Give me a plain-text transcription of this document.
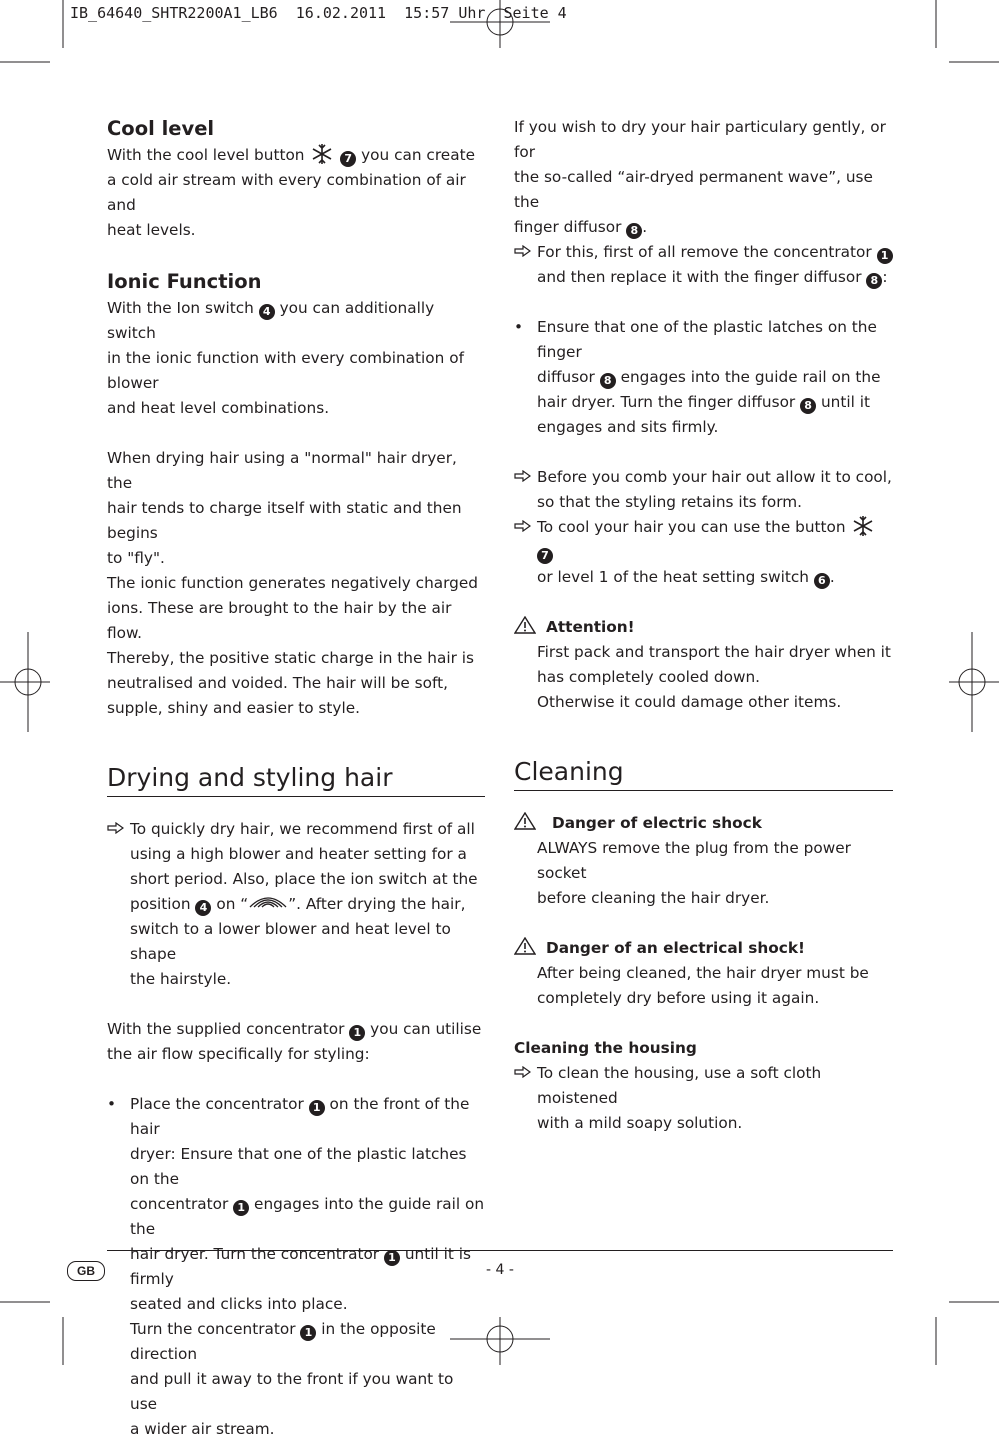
IB_64640_SHTR2200A1_LB6  16.02.2011  15:57 Uhr  Seite 4
Cool level

With the cool level button	7 you can create
a cold air stream with every combination of air and
heat levels.

Ionic Function

With the Ion switch 4 you can additionally switch
in the ionic function with every combination of blower
and heat level combinations.

When drying hair using a "normal" hair dryer, the
hair tends to charge itself with static and then begins
to "fly".

The ionic function generates negatively charged
ions. These are brought to the hair by the air flow.
Thereby, the positive static charge in the hair is
neutralised and voided. The hair will be soft,
supple, shiny and easier to style.

Drying and styling hair
To quickly dry hair, we recommend first of all
using a high blower and heater setting for a
short period. Also, place the ion switch at the
position 4 on “	”. After drying the hair,
switch to a lower blower and heat level to shape
the hairstyle.

With the supplied concentrator 1 you can utilise
the air flow specifically for styling:

• Place the concentrator 1 on the front of the hair
dryer: Ensure that one of the plastic latches on the
concentrator 1 engages into the guide rail on the
hair dryer. Turn the concentrator 1 until it is firmly
seated and clicks into place.
Turn the concentrator 1 in the opposite direction
and pull it away to the front if you want to use
a wider air stream.

If you wish to dry your hair particulary gently, or for
the so-called “air-dryed permanent wave”, use the
finger diffusor 8 .

For this, first of all remove the concentrator 1
and then replace it with the finger diffusor 8 :
• Ensure that one of the plastic latches on the finger
diffusor 8 engages into the guide rail on the
hair dryer. Turn the finger diffusor 8 until it
engages and sits firmly.
Before you comb your hair out allow it to cool,
so that the styling retains its form.
To cool your hair you can use the button  7
or level 1 of the heat setting switch 6 .
Attention!

First pack and transport the hair dryer when it
has completely cooled down.
Otherwise it could damage other items.

Cleaning
Danger of electric shock

ALWAYS remove the plug from the power socket
before cleaning the hair dryer.

Danger of an electrical shock!

After being cleaned, the hair dryer must be
completely dry before using it again.

Cleaning the housing
To clean the housing, use a soft cloth moistened
with a mild soapy solution.
GB	- 4 -
